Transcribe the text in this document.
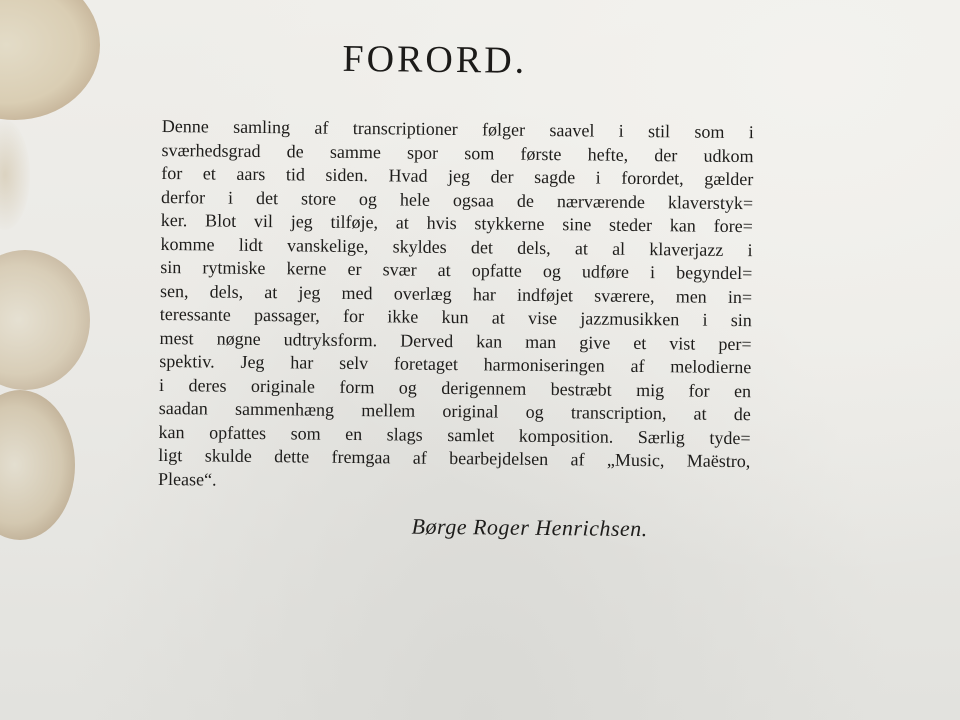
FORORD.
Denne samling af transcriptioner følger saavel i stil som i
sværhedsgrad de samme spor som første hefte, der udkom
for et aars tid siden. Hvad jeg der sagde i forordet, gælder
derfor i det store og hele ogsaa de nærværende klaverstyk=
ker. Blot vil jeg tilføje, at hvis stykkerne sine steder kan fore=
komme lidt vanskelige, skyldes det dels, at al klaverjazz i
sin rytmiske kerne er svær at opfatte og udføre i begyndel=
sen, dels, at jeg med overlæg har indføjet sværere, men in=
teressante passager, for ikke kun at vise jazzmusikken i sin
mest nøgne udtryksform. Derved kan man give et vist per=
spektiv. Jeg har selv foretaget harmoniseringen af melodierne
i deres originale form og derigennem bestræbt mig for en
saadan sammenhæng mellem original og transcription, at de
kan opfattes som en slags samlet komposition. Særlig tyde=
ligt skulde dette fremgaa af bearbejdelsen af „Music, Maëstro,
Please“.

Børge Roger Henrichsen.
